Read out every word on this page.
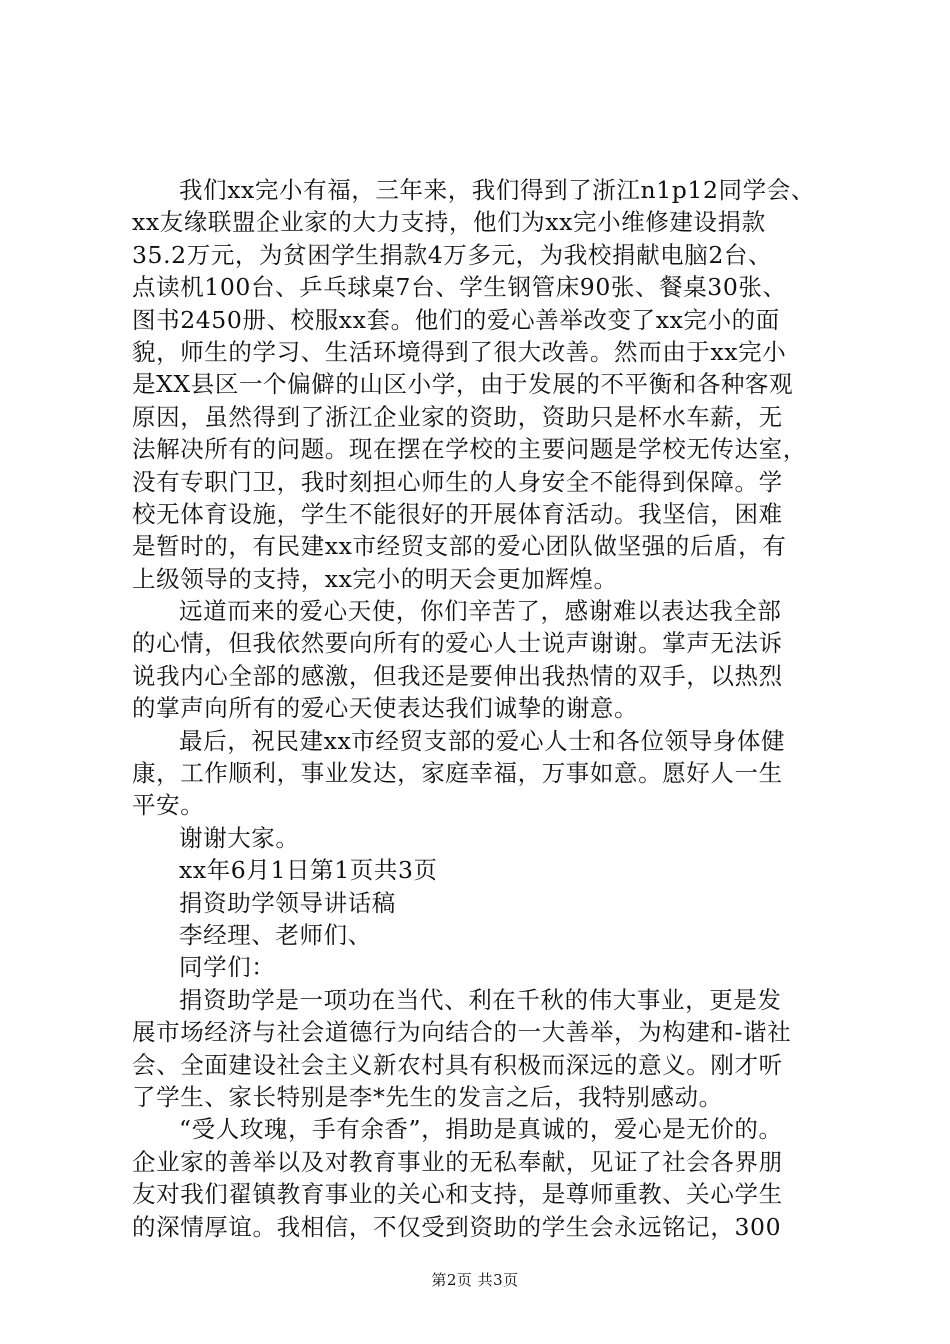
我们xx完小有福，三年来，我们得到了浙江n1p12同学会、
xx友缘联盟企业家的大力支持，他们为xx完小维修建设捐款
35.2万元，为贫困学生捐款4万多元，为我校捐献电脑2台、
点读机100台、乒乓球桌7台、学生钢管床90张、餐桌30张、
图书2450册、校服xx套。他们的爱心善举改变了xx完小的面
貌，师生的学习、生活环境得到了很大改善。然而由于xx完小
是XX县区一个偏僻的山区小学，由于发展的不平衡和各种客观
原因，虽然得到了浙江企业家的资助，资助只是杯水车薪，无
法解决所有的问题。现在摆在学校的主要问题是学校无传达室，
没有专职门卫，我时刻担心师生的人身安全不能得到保障。学
校无体育设施，学生不能很好的开展体育活动。我坚信，困难
是暂时的，有民建xx市经贸支部的爱心团队做坚强的后盾，有
上级领导的支持，xx完小的明天会更加辉煌。
远道而来的爱心天使，你们辛苦了，感谢难以表达我全部
的心情，但我依然要向所有的爱心人士说声谢谢。掌声无法诉
说我内心全部的感激，但我还是要伸出我热情的双手，以热烈
的掌声向所有的爱心天使表达我们诚挚的谢意。
最后，祝民建xx市经贸支部的爱心人士和各位领导身体健
康，工作顺利，事业发达，家庭幸福，万事如意。愿好人一生
平安。
谢谢大家。
xx年6月1日第1页共3页
捐资助学领导讲话稿
李经理、老师们、
同学们：
捐资助学是一项功在当代、利在千秋的伟大事业，更是发
展市场经济与社会道德行为向结合的一大善举，为构建和-谐社
会、全面建设社会主义新农村具有积极而深远的意义。刚才听
了学生、家长特别是李*先生的发言之后，我特别感动。
“受人玫瑰，手有余香”，捐助是真诚的，爱心是无价的。
企业家的善举以及对教育事业的无私奉献，见证了社会各界朋
友对我们翟镇教育事业的关心和支持，是尊师重教、关心学生
的深情厚谊。我相信，不仅受到资助的学生会永远铭记，300
第2页 共3页
